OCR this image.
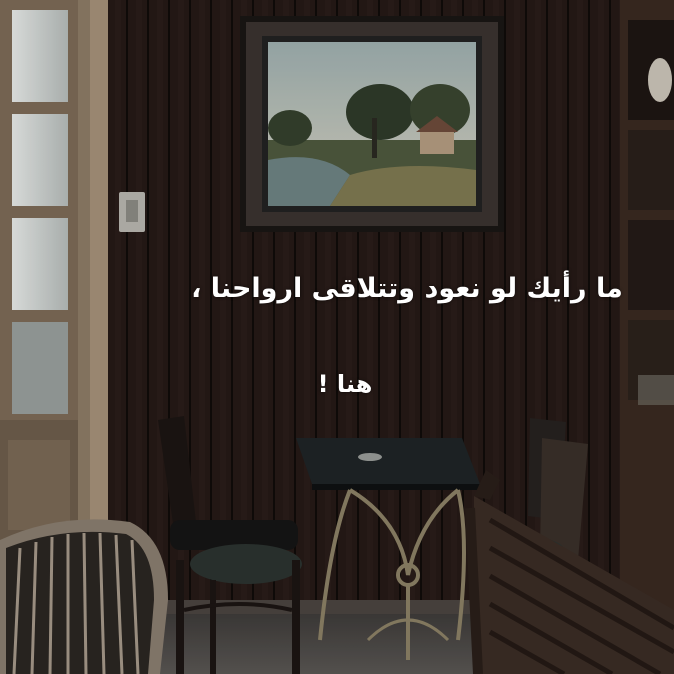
ما رأيك لو نعود وتتلاقى ارواحنا ،
هنا !
